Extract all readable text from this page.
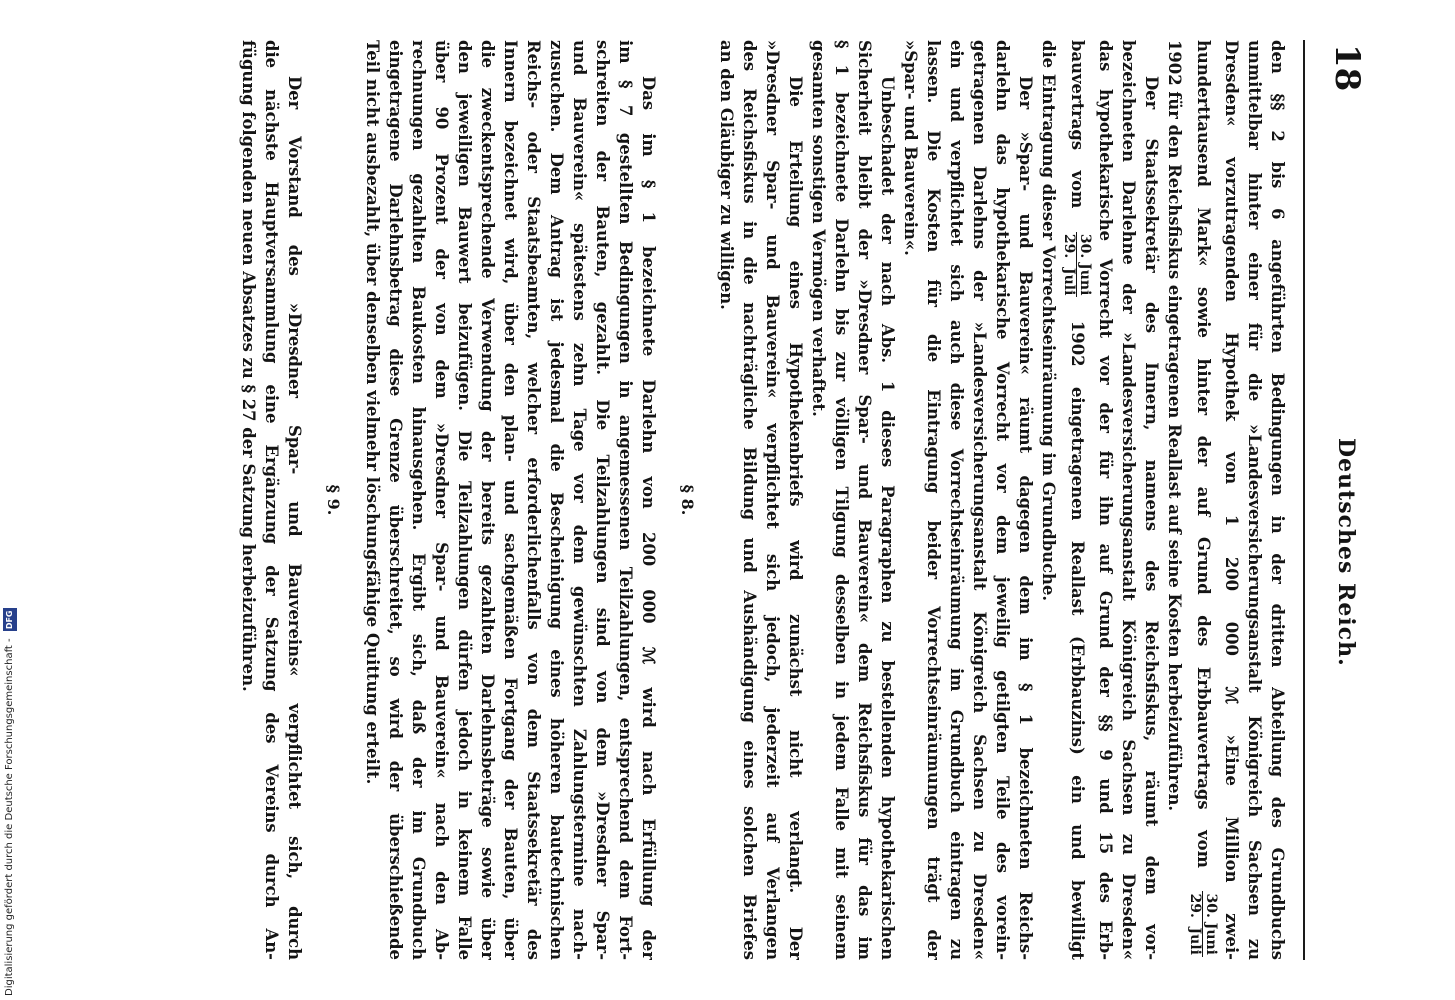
18
Deutsches Reich.
den §§ 2 bis 6 angeführten Bedingungen in der dritten Abteilung des Grundbuchs
unmittelbar hinter einer für die »Landesversicherungsanstalt Königreich Sachsen zu
Dresden« vorzutragenden Hypothek von 1 200 000 ℳ »Eine Million zwei-
hunderttausend Mark« sowie hinter der auf Grund des Erbbauvertrags vom
30. Juni
29. Juli
1902 für den Reichsfiskus eingetragenen Reallast auf seine Kosten herbeizuführen.
Der Staatssekretär des Innern, namens des Reichsfiskus, räumt dem vor-
bezeichneten Darlehne der »Landesversicherungsanstalt Königreich Sachsen zu Dresden«
das hypothekarische Vorrecht vor der für ihn auf Grund der §§ 9 und 15 des Erb-
bauvertrags vom
30. Juni
29. Juli
1902 eingetragenen Reallast (Erbbauzins) ein und bewilligt
die Eintragung dieser Vorrechtseinräumung im Grundbuche.
Der »Spar- und Bauverein« räumt dagegen dem im § 1 bezeichneten Reichs-
darlehn das hypothekarische Vorrecht vor dem jeweilig getilgten Teile des vorein-
getragenen Darlehns der »Landesversicherungsanstalt Königreich Sachsen zu Dresden«
ein und verpflichtet sich auch diese Vorrechtseinräumung im Grundbuch eintragen zu
lassen. Die Kosten für die Eintragung beider Vorrechtseinräumungen trägt der
»Spar- und Bauverein«.
Unbeschadet der nach Abs. 1 dieses Paragraphen zu bestellenden hypothekarischen
Sicherheit bleibt der »Dresdner Spar- und Bauverein« dem Reichsfiskus für das im
§ 1 bezeichnete Darlehn bis zur völligen Tilgung desselben in jedem Falle mit seinem
gesamten sonstigen Vermögen verhaftet.
Die Erteilung eines Hypothekenbriefs wird zunächst nicht verlangt. Der
»Dresdner Spar- und Bauverein« verpflichtet sich jedoch, jederzeit auf Verlangen
des Reichsfiskus in die nachträgliche Bildung und Aushändigung eines solchen Briefes
an den Gläubiger zu willigen.
§ 8.
Das im § 1 bezeichnete Darlehn von 200 000 ℳ wird nach Erfüllung der
im § 7 gestellten Bedingungen in angemessenen Teilzahlungen, entsprechend dem Fort-
schreiten der Bauten, gezahlt. Die Teilzahlungen sind von dem »Dresdner Spar-
und Bauverein« spätestens zehn Tage vor dem gewünschten Zahlungstermine nach-
zusuchen. Dem Antrag ist jedesmal die Bescheinigung eines höheren bautechnischen
Reichs- oder Staatsbeamten, welcher erforderlichenfalls von dem Staatssekretär des
Innern bezeichnet wird, über den plan- und sachgemäßen Fortgang der Bauten, über
die zweckentsprechende Verwendung der bereits gezahlten Darlehnsbeträge sowie über
den jeweiligen Bauwert beizufügen. Die Teilzahlungen dürfen jedoch in keinem Falle
über 90 Prozent der von dem »Dresdner Spar- und Bauverein« nach den Ab-
rechnungen gezahlten Baukosten hinausgehen. Ergibt sich, daß der im Grundbuch
eingetragene Darlehnsbetrag diese Grenze überschreitet, so wird der überschießende
Teil nicht ausbezahlt, über denselben vielmehr löschungsfähige Quittung erteilt.
§ 9.
Der Vorstand des »Dresdner Spar- und Bauvereins« verpflichtet sich, durch
die nächste Hauptversammlung eine Ergänzung der Satzung des Vereins durch An-
fügung folgenden neuen Absatzes zu § 27 der Satzung herbeizuführen.
Digitalisierung gefördert durch die Deutsche Forschungsgemeinschaft - DFG
